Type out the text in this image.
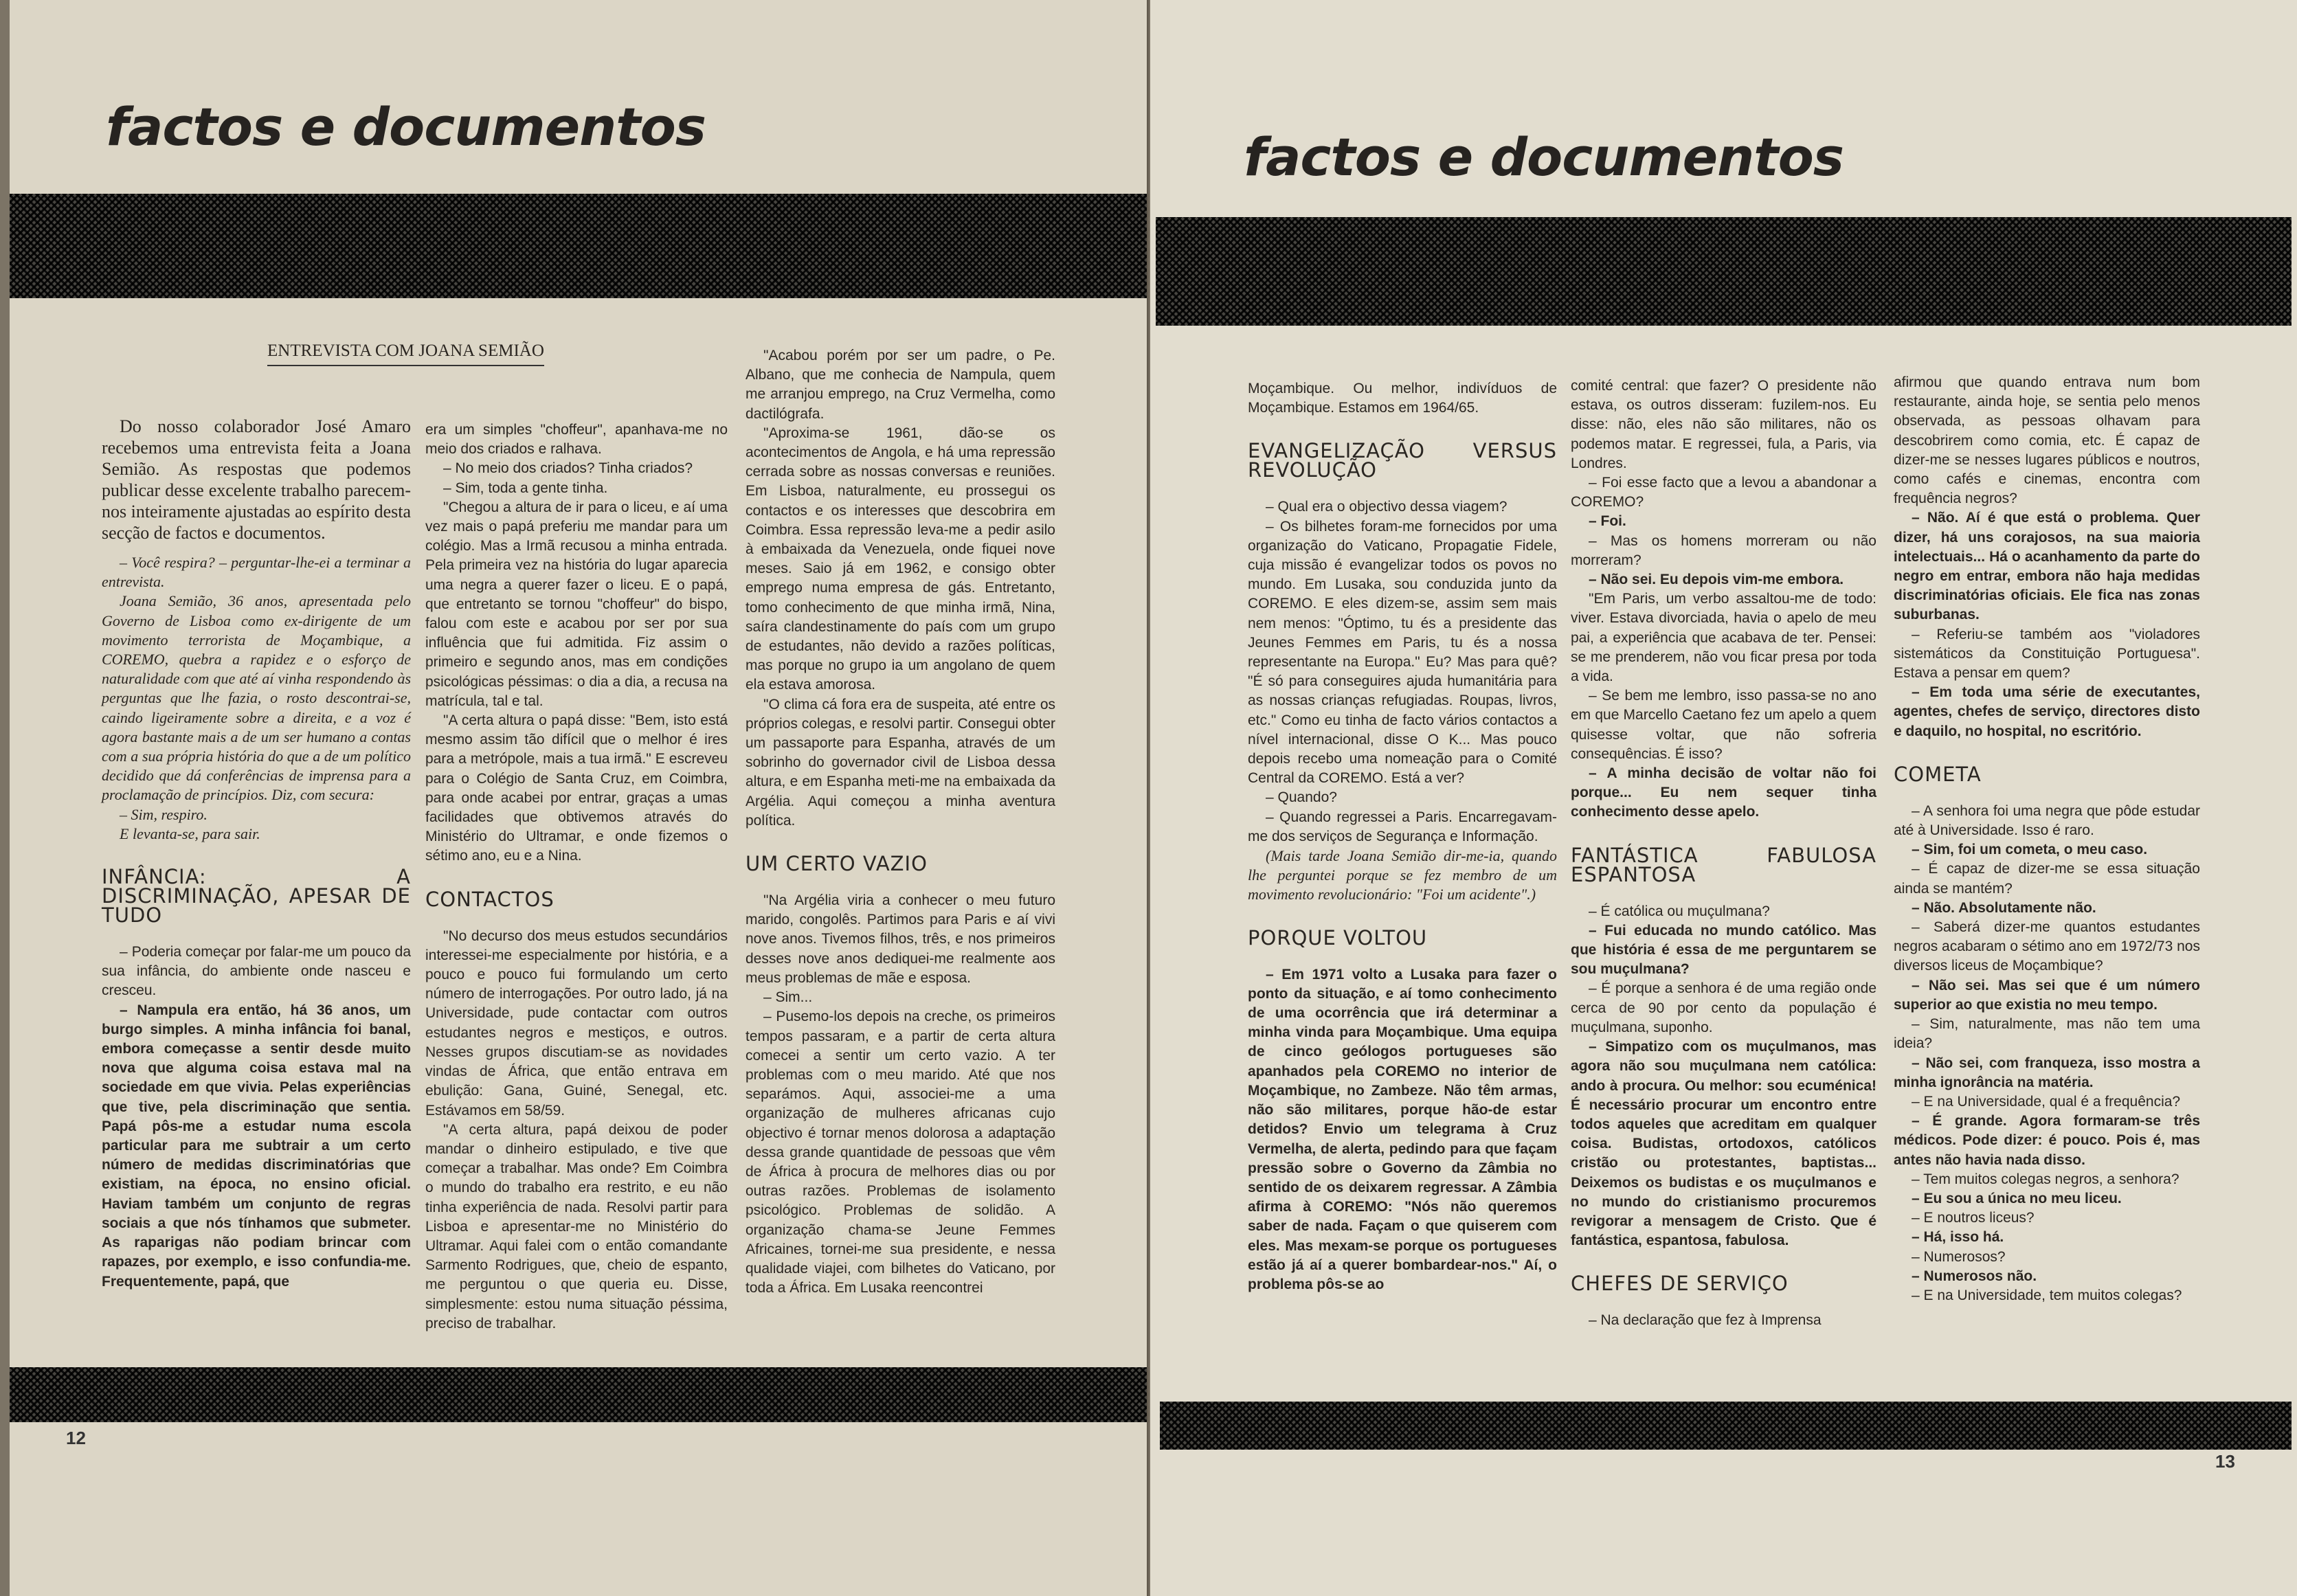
factos e documentos
ENTREVISTA COM JOANA SEMIÃO

Do nosso colaborador José Amaro recebemos uma entrevista feita a Joana Semião. As respostas que podemos publicar desse excelente trabalho parecem-nos inteiramente ajustadas ao espírito desta secção de factos e documentos.

– Você respira? – perguntar-lhe-ei a terminar a entrevista.

Joana Semião, 36 anos, apresentada pelo Governo de Lisboa como ex-dirigente de um movimento terrorista de Moçambique, a COREMO, quebra a rapidez e o esforço de naturalidade com que até aí vinha respondendo às perguntas que lhe fazia, o rosto descontrai-se, caindo ligeiramente sobre a direita, e a voz é agora bastante mais a de um ser humano a contas com a sua própria história do que a de um político decidido que dá conferências de imprensa para a proclamação de princípios. Diz, com secura:

– Sim, respiro.

E levanta-se, para sair.

INFÂNCIA: A DISCRIMINAÇÃO, APESAR DE TUDO

– Poderia começar por falar-me um pouco da sua infância, do ambiente onde nasceu e cresceu.

– Nampula era então, há 36 anos, um burgo simples. A minha infância foi banal, embora começasse a sentir desde muito nova que alguma coisa estava mal na sociedade em que vivia. Pelas experiências que tive, pela discriminação que sentia. Papá pôs-me a estudar numa escola particular para me subtrair a um certo número de medidas discriminatórias que existiam, na época, no ensino oficial. Haviam também um conjunto de regras sociais a que nós tínhamos que submeter. As raparigas não podiam brincar com rapazes, por exemplo, e isso confundia-me. Frequentemente, papá, que

era um simples "choffeur", apanhava-me no meio dos criados e ralhava.

– No meio dos criados? Tinha criados?

– Sim, toda a gente tinha.

"Chegou a altura de ir para o liceu, e aí uma vez mais o papá preferiu me mandar para um colégio. Mas a Irmã recusou a minha entrada. Pela primeira vez na história do lugar aparecia uma negra a querer fazer o liceu. E o papá, que entretanto se tornou "choffeur" do bispo, falou com este e acabou por ser por sua influência que fui admitida. Fiz assim o primeiro e segundo anos, mas em condições psicológicas péssimas: o dia a dia, a recusa na matrícula, tal e tal.

"A certa altura o papá disse: "Bem, isto está mesmo assim tão difícil que o melhor é ires para a metrópole, mais a tua irmã." E escreveu para o Colégio de Santa Cruz, em Coimbra, para onde acabei por entrar, graças a umas facilidades que obtivemos através do Ministério do Ultramar, e onde fizemos o sétimo ano, eu e a Nina.

CONTACTOS

"No decurso dos meus estudos secundários interessei-me especialmente por história, e a pouco e pouco fui formulando um certo número de interrogações. Por outro lado, já na Universidade, pude contactar com outros estudantes negros e mestiços, e outros. Nesses grupos discutiam-se as novidades vindas de África, que então entrava em ebulição: Gana, Guiné, Senegal, etc. Estávamos em 58/59.

"A certa altura, papá deixou de poder mandar o dinheiro estipulado, e tive que começar a trabalhar. Mas onde? Em Coimbra o mundo do trabalho era restrito, e eu não tinha experiência de nada. Resolvi partir para Lisboa e apresentar-me no Ministério do Ultramar. Aqui falei com o então comandante Sarmento Rodrigues, que, cheio de espanto, me perguntou o que queria eu. Disse, simplesmente: estou numa situação péssima, preciso de trabalhar.

"Acabou porém por ser um padre, o Pe. Albano, que me conhecia de Nampula, quem me arranjou emprego, na Cruz Vermelha, como dactilógrafa.

"Aproxima-se 1961, dão-se os acontecimentos de Angola, e há uma repressão cerrada sobre as nossas conversas e reuniões. Em Lisboa, naturalmente, eu prossegui os contactos e os interesses que descobrira em Coimbra. Essa repressão leva-me a pedir asilo à embaixada da Venezuela, onde fiquei nove meses. Saio já em 1962, e consigo obter emprego numa empresa de gás. Entretanto, tomo conhecimento de que minha irmã, Nina, saíra clandestinamente do país com um grupo de estudantes, não devido a razões políticas, mas porque no grupo ia um angolano de quem ela estava amorosa.

"O clima cá fora era de suspeita, até entre os próprios colegas, e resolvi partir. Consegui obter um passaporte para Espanha, através de um sobrinho do governador civil de Lisboa dessa altura, e em Espanha meti-me na embaixada da Argélia. Aqui começou a minha aventura política.

UM CERTO VAZIO

"Na Argélia viria a conhecer o meu futuro marido, congolês. Partimos para Paris e aí vivi nove anos. Tivemos filhos, três, e nos primeiros desses nove anos dediquei-me realmente aos meus problemas de mãe e esposa.

– Sim...

– Pusemo-los depois na creche, os primeiros tempos passaram, e a partir de certa altura comecei a sentir um certo vazio. A ter problemas com o meu marido. Até que nos separámos. Aqui, associei-me a uma organização de mulheres africanas cujo objectivo é tornar menos dolorosa a adaptação dessa grande quantidade de pessoas que vêm de África à procura de melhores dias ou por outras razões. Problemas de isolamento psicológico. Problemas de solidão. A organização chama-se Jeune Femmes Africaines, tornei-me sua presidente, e nessa qualidade viajei, com bilhetes do Vaticano, por toda a África. Em Lusaka reencontrei

12
factos e documentos

Moçambique. Ou melhor, indivíduos de Moçambique. Estamos em 1964/65.

EVANGELIZAÇÃO VERSUS REVOLUÇÃO

– Qual era o objectivo dessa viagem?

– Os bilhetes foram-me fornecidos por uma organização do Vaticano, Propagatie Fidele, cuja missão é evangelizar todos os povos no mundo. Em Lusaka, sou conduzida junto da COREMO. E eles dizem-se, assim sem mais nem menos: "Óptimo, tu és a presidente das Jeunes Femmes em Paris, tu és a nossa representante na Europa." Eu? Mas para quê? "É só para conseguires ajuda humanitária para as nossas crianças refugiadas. Roupas, livros, etc." Como eu tinha de facto vários contactos a nível internacional, disse O K... Mas pouco depois recebo uma nomeação para o Comité Central da COREMO. Está a ver?

– Quando?

– Quando regressei a Paris. Encarregavam-me dos serviços de Segurança e Informação.

(Mais tarde Joana Semião dir-me-ia, quando lhe perguntei porque se fez membro de um movimento revolucionário: "Foi um acidente".)

PORQUE VOLTOU

– Em 1971 volto a Lusaka para fazer o ponto da situação, e aí tomo conhecimento de uma ocorrência que irá determinar a minha vinda para Moçambique. Uma equipa de cinco geólogos portugueses são apanhados pela COREMO no interior de Moçambique, no Zambeze. Não têm armas, não são militares, porque hão-de estar detidos? Envio um telegrama à Cruz Vermelha, de alerta, pedindo para que façam pressão sobre o Governo da Zâmbia no sentido de os deixarem regressar. A Zâmbia afirma à COREMO: "Nós não queremos saber de nada. Façam o que quiserem com eles. Mas mexam-se porque os portugueses estão já aí a querer bombardear-nos." Aí, o problema pôs-se ao

comité central: que fazer? O presidente não estava, os outros disseram: fuzilem-nos. Eu disse: não, eles não são militares, não os podemos matar. E regressei, fula, a Paris, via Londres.

– Foi esse facto que a levou a abandonar a COREMO?

– Foi.

– Mas os homens morreram ou não morreram?

– Não sei. Eu depois vim-me embora.

"Em Paris, um verbo assaltou-me de todo: viver. Estava divorciada, havia o apelo de meu pai, a experiência que acabava de ter. Pensei: se me prenderem, não vou ficar presa por toda a vida.

– Se bem me lembro, isso passa-se no ano em que Marcello Caetano fez um apelo a quem quisesse voltar, que não sofreria consequências. É isso?

– A minha decisão de voltar não foi porque... Eu nem sequer tinha conhecimento desse apelo.

FANTÁSTICA FABULOSA ESPANTOSA

– É católica ou muçulmana?

– Fui educada no mundo católico. Mas que história é essa de me perguntarem se sou muçulmana?

– É porque a senhora é de uma região onde cerca de 90 por cento da população é muçulmana, suponho.

– Simpatizo com os muçulmanos, mas agora não sou muçulmana nem católica: ando à procura. Ou melhor: sou ecuménica! É necessário procurar um encontro entre todos aqueles que acreditam em qualquer coisa. Budistas, ortodoxos, católicos cristão ou protestantes, baptistas... Deixemos os budistas e os muçulmanos e no mundo do cristianismo procuremos revigorar a mensagem de Cristo. Que é fantástica, espantosa, fabulosa.

CHEFES DE SERVIÇO

– Na declaração que fez à Imprensa

afirmou que quando entrava num bom restaurante, ainda hoje, se sentia pelo menos observada, as pessoas olhavam para descobrirem como comia, etc. É capaz de dizer-me se nesses lugares públicos e noutros, como cafés e cinemas, encontra com frequência negros?

– Não. Aí é que está o problema. Quer dizer, há uns corajosos, na sua maioria intelectuais... Há o acanhamento da parte do negro em entrar, embora não haja medidas discriminatórias oficiais. Ele fica nas zonas suburbanas.

– Referiu-se também aos "violadores sistemáticos da Constituição Portuguesa". Estava a pensar em quem?

– Em toda uma série de executantes, agentes, chefes de serviço, directores disto e daquilo, no hospital, no escritório.

COMETA

– A senhora foi uma negra que pôde estudar até à Universidade. Isso é raro.

– Sim, foi um cometa, o meu caso.

– É capaz de dizer-me se essa situação ainda se mantém?

– Não. Absolutamente não.

– Saberá dizer-me quantos estudantes negros acabaram o sétimo ano em 1972/73 nos diversos liceus de Moçambique?

– Não sei. Mas sei que é um número superior ao que existia no meu tempo.

– Sim, naturalmente, mas não tem uma ideia?

– Não sei, com franqueza, isso mostra a minha ignorância na matéria.

– E na Universidade, qual é a frequência?

– É grande. Agora formaram-se três médicos. Pode dizer: é pouco. Pois é, mas antes não havia nada disso.

– Tem muitos colegas negros, a senhora?

– Eu sou a única no meu liceu.

– E noutros liceus?

– Há, isso há.

– Numerosos?

– Numerosos não.

– E na Universidade, tem muitos colegas?

13
